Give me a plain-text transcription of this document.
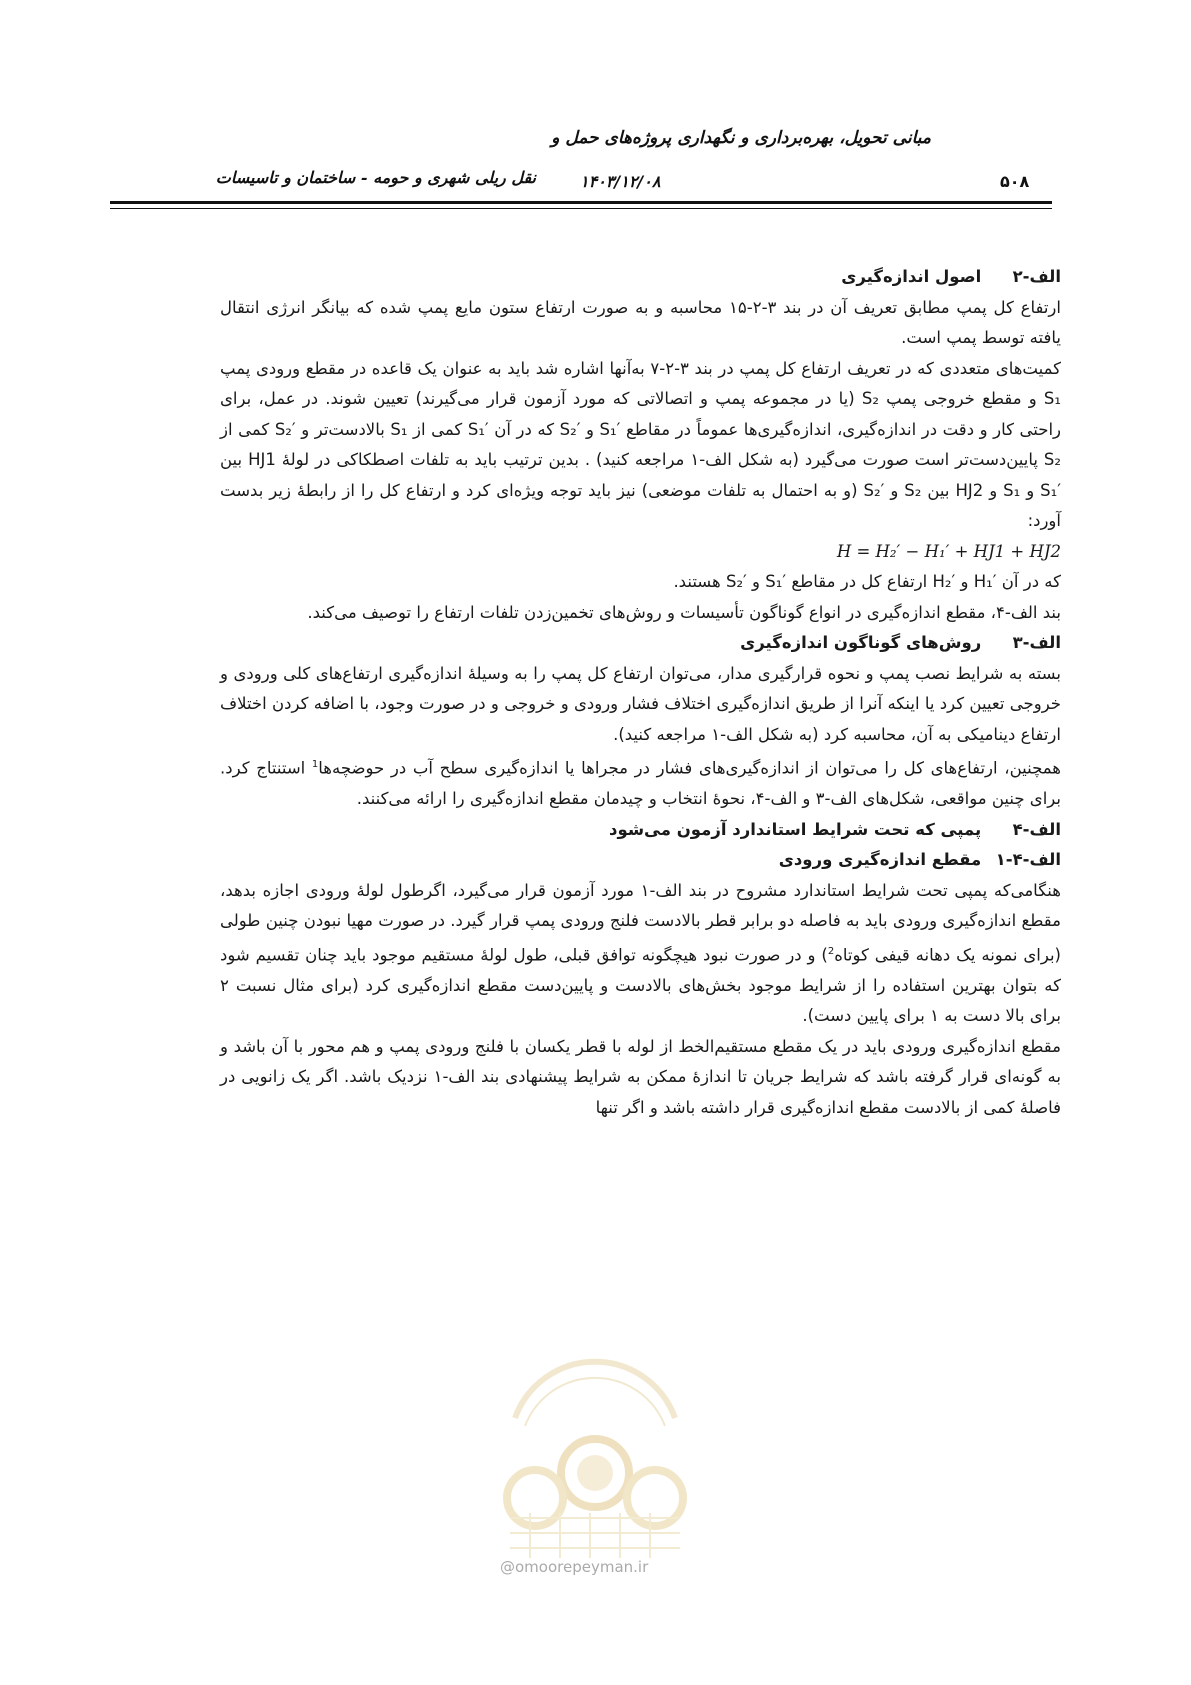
مبانی تحویل، بهره‌برداری و نگهداری پروژه‌های حمل و
نقل ریلی شهری و حومه - ساختمان و تاسیسات	۱۴۰۳/۱۲/۰۸	۵۰۸

الف-۲ اصول اندازه‌گیری

ارتفاع کل پمپ مطابق تعریف آن در بند ۳-۲-۱۵ محاسبه و به صورت ارتفاع ستون مایع پمپ شده که بیانگر انرژی انتقال یافته توسط پمپ است.

کمیت‌های متعددی که در تعریف ارتفاع کل پمپ در بند ۳-۲-۷ به‌آنها اشاره شد باید به عنوان یک قاعده در مقطع ورودی پمپ S₁ و مقطع خروجی پمپ S₂ (یا در مجموعه پمپ و اتصالاتی که مورد آزمون قرار می‌گیرند) تعیین شوند. در عمل، برای راحتی کار و دقت در اندازه‌گیری، اندازه‌گیری‌ها عموماً در مقاطع S₁′ و S₂′ که در آن S₁′ کمی از S₁ بالادست‌تر و S₂′ کمی از S₂ پایین‌دست‌تر است صورت می‌گیرد (به شکل الف-۱ مراجعه کنید) . بدین ترتیب باید به تلفات اصطکاکی در لولهٔ HJ1 بین S₁′ و S₁ و HJ2 بین S₂ و S₂′ (و به احتمال به تلفات موضعی) نیز باید توجه ویژه‌ای کرد و ارتفاع کل را از رابطهٔ زیر بدست آورد:

H = H₂′ − H₁′ + HJ1 + HJ2

که در آن H₁′ و H₂′ ارتفاع کل در مقاطع S₁′ و S₂′ هستند.

بند الف-۴، مقطع اندازه‌گیری در انواع گوناگون تأسیسات و روش‌های تخمین‌زدن تلفات ارتفاع را توصیف می‌کند.

الف-۳ روش‌های گوناگون اندازه‌گیری

بسته به شرایط نصب پمپ و نحوه قرارگیری مدار، می‌توان ارتفاع کل پمپ را به وسیلهٔ اندازه‌گیری ارتفاع‌های کلی ورودی و خروجی تعیین کرد یا اینکه آنرا از طریق اندازه‌گیری اختلاف فشار ورودی و خروجی و در صورت وجود، با اضافه کردن اختلاف ارتفاع دینامیکی به آن، محاسبه کرد (به شکل الف-۱ مراجعه کنید).

همچنین، ارتفاع‌های کل را می‌توان از اندازه‌گیری‌های فشار در مجراها یا اندازه‌گیری سطح آب در حوضچه‌ها$^1$ استنتاج کرد. برای چنین مواقعی، شکل‌های الف-۳ و الف-۴، نحوهٔ انتخاب و چیدمان مقطع اندازه‌گیری را ارائه می‌کنند.

الف-۴ پمپی که تحت شرایط استاندارد آزمون می‌شود

الف-۴-۱ مقطع اندازه‌گیری ورودی

هنگامی‌که پمپی تحت شرایط استاندارد مشروح در بند الف-۱ مورد آزمون قرار می‌گیرد، اگرطول لولهٔ ورودی اجازه بدهد، مقطع اندازه‌گیری ورودی باید به فاصله دو برابر قطر بالادست فلنج ورودی پمپ قرار گیرد. در صورت مهیا نبودن چنین طولی (برای نمونه یک دهانه قیفی کوتاه$^2$) و در صورت نبود هیچگونه توافق قبلی، طول لولهٔ مستقیم موجود باید چنان تقسیم شود که بتوان بهترین استفاده را از شرایط موجود بخش‌های بالادست و پایین‌دست مقطع اندازه‌گیری کرد (برای مثال نسبت ۲ برای بالا دست به ۱ برای پایین دست).

مقطع اندازه‌گیری ورودی باید در یک مقطع مستقیم‌الخط از لوله با قطر یکسان با فلنج ورودی پمپ و هم محور با آن باشد و به گونه‌ای قرار گرفته باشد که شرایط جریان تا اندازهٔ ممکن به شرایط پیشنهادی بند الف-۱ نزدیک باشد. اگر یک زانویی در فاصلهٔ کمی از بالادست مقطع اندازه‌گیری قرار داشته باشد و اگر تنها

@omoorepeyman.ir
